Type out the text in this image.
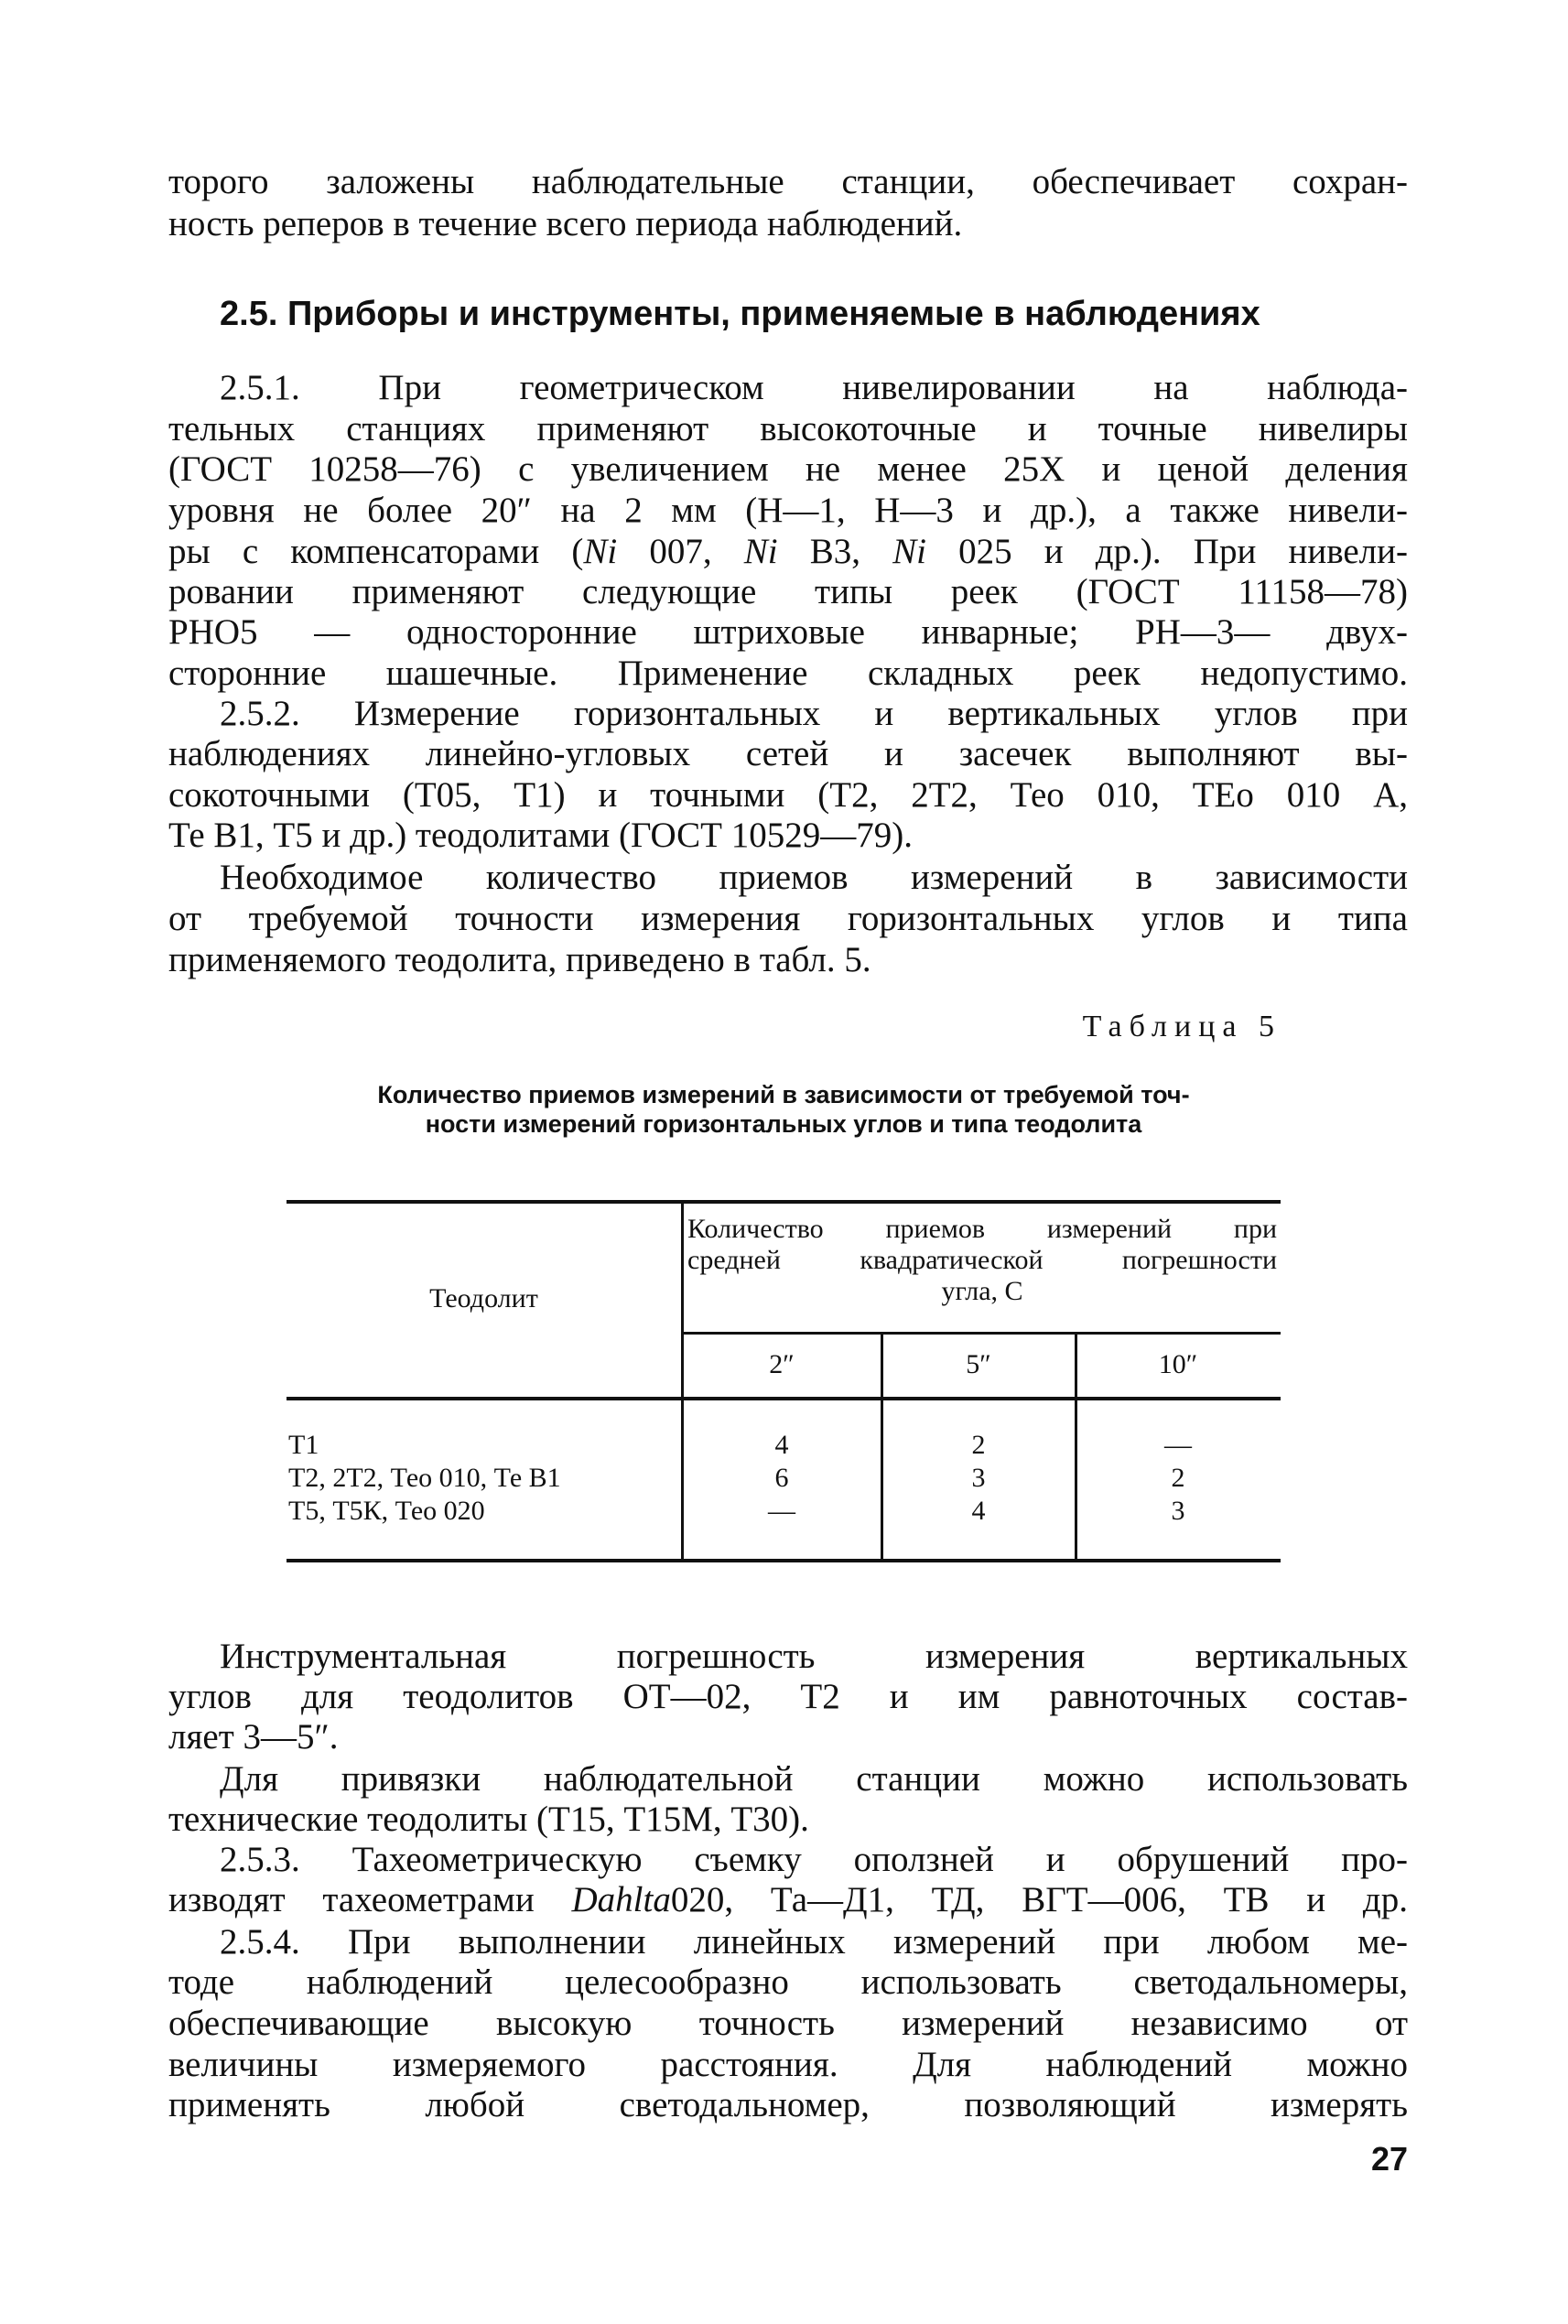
торого заложены наблюдательные станции, обеспечивает сохран-
ность реперов в течение всего периода наблюдений.
2.5. Приборы и инструменты, применяемые в наблюдениях
2.5.1. При геометрическом нивелировании на наблюда-
тельных станциях применяют высокоточные и точные нивелиры
(ГОСТ 10258—76) с увеличением не менее 25X и ценой деления
уровня не более 20″ на 2 мм (Н—1, Н—3 и др.), а также нивели-
ры с компенсаторами (Ni 007, Ni В3, Ni 025 и др.). При нивели-
ровании применяют следующие типы реек (ГОСТ 11158—78)
РНО5 — односторонние штриховые инварные; РН—3— двух-
сторонние шашечные. Применение складных реек недопустимо.
2.5.2. Измерение горизонтальных и вертикальных углов при
наблюдениях линейно-угловых сетей и засечек выполняют вы-
сокоточными (Т05, Т1) и точными (Т2, 2Т2, Тео 010, ТЕо 010 А,
Те В1, Т5 и др.) теодолитами (ГОСТ 10529—79).
Необходимое количество приемов измерений в зависимости
от требуемой точности измерения горизонтальных углов и типа
применяемого теодолита, приведено в табл. 5.
Таблица 5
Количество приемов измерений в зависимости от требуемой точ-
ности измерений горизонтальных углов и типа теодолита
Теодолит
Количество приемов измерений при
средней квадратической погрешности
угла, С
2″	5″	10″
Т1	4	2	—
Т2, 2Т2, Тео 010, Те В1	6	3	2
Т5, Т5К, Тео 020	—	4	3
Инструментальная погрешность измерения вертикальных
углов для теодолитов ОТ—02, Т2 и им равноточных состав-
ляет 3—5″.
Для привязки наблюдательной станции можно использовать
технические теодолиты (Т15, Т15М, Т30).
2.5.3. Тахеометрическую съемку оползней и обрушений про-
изводят тахеометрами Dahlta020, Та—Д1, ТД, ВГТ—006, ТВ и др.
2.5.4. При выполнении линейных измерений при любом ме-
тоде наблюдений целесообразно использовать светодальномеры,
обеспечивающие высокую точность измерений независимо от
величины измеряемого расстояния. Для наблюдений можно
применять любой светодальномер, позволяющий измерять
27
